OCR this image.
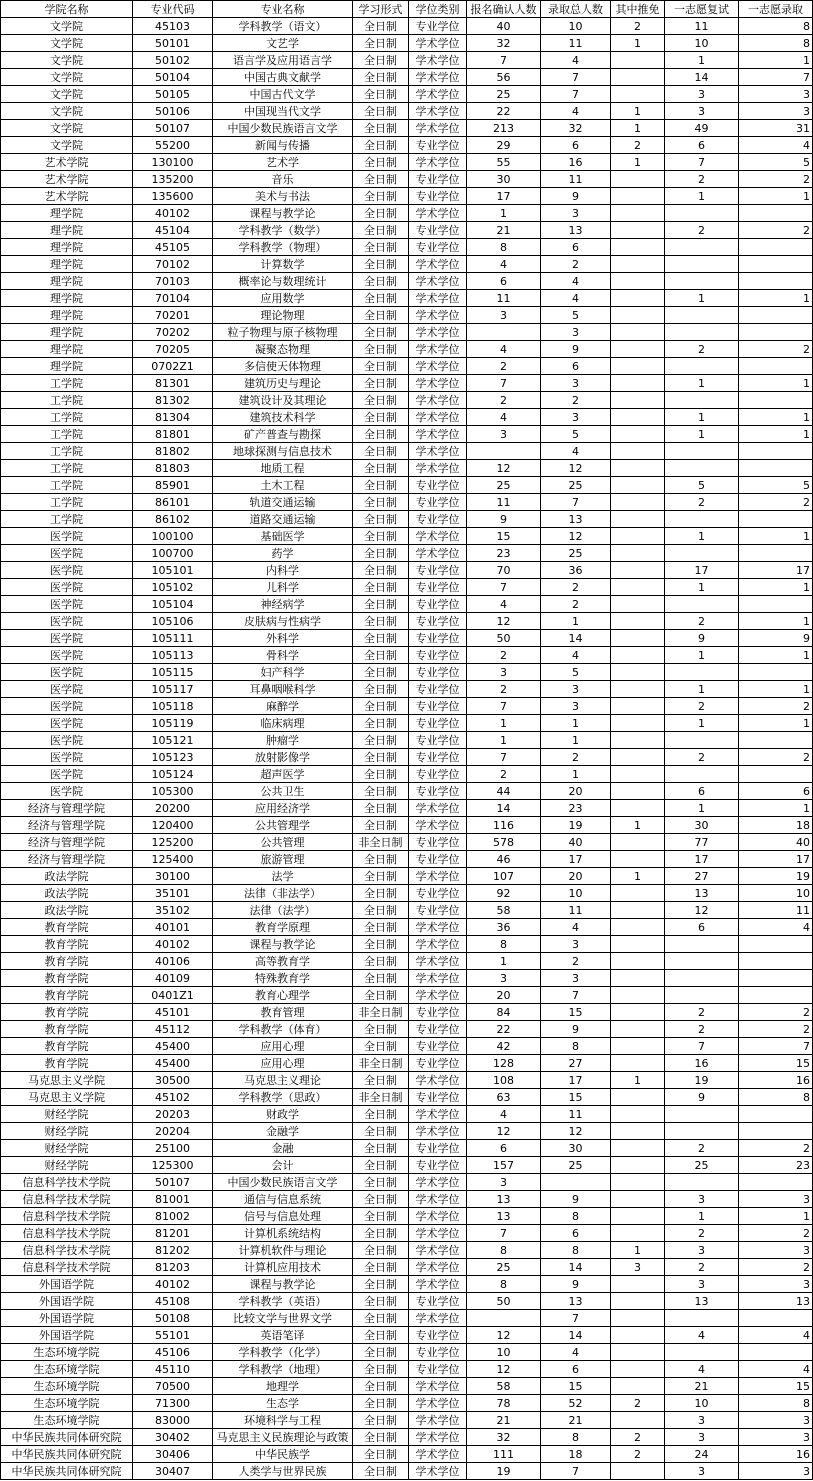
学院名称	专业代码	专业名称	学习形式	学位类别	报名确认人数	录取总人数	其中推免	一志愿复试	一志愿录取
文学院	45103	学科教学（语文）	全日制	专业学位	40	10	2	11	8
文学院	50101	文艺学	全日制	学术学位	32	11	1	10	8
文学院	50102	语言学及应用语言学	全日制	学术学位	7	4		1	1
文学院	50104	中国古典文献学	全日制	学术学位	56	7		14	7
文学院	50105	中国古代文学	全日制	学术学位	25	7		3	3
文学院	50106	中国现当代文学	全日制	学术学位	22	4	1	3	3
文学院	50107	中国少数民族语言文学	全日制	学术学位	213	32	1	49	31
文学院	55200	新闻与传播	全日制	专业学位	29	6	2	6	4
艺术学院	130100	艺术学	全日制	学术学位	55	16	1	7	5
艺术学院	135200	音乐	全日制	专业学位	30	11		2	2
艺术学院	135600	美术与书法	全日制	专业学位	17	9		1	1
理学院	40102	课程与教学论	全日制	学术学位	1	3			
理学院	45104	学科教学（数学）	全日制	专业学位	21	13		2	2
理学院	45105	学科教学（物理）	全日制	专业学位	8	6			
理学院	70102	计算数学	全日制	学术学位	4	2			
理学院	70103	概率论与数理统计	全日制	学术学位	6	4			
理学院	70104	应用数学	全日制	学术学位	11	4		1	1
理学院	70201	理论物理	全日制	学术学位	3	5			
理学院	70202	粒子物理与原子核物理	全日制	学术学位		3			
理学院	70205	凝聚态物理	全日制	学术学位	4	9		2	2
理学院	0702Z1	多信使天体物理	全日制	学术学位	2	6			
工学院	81301	建筑历史与理论	全日制	学术学位	7	3		1	1
工学院	81302	建筑设计及其理论	全日制	学术学位	2	2			
工学院	81304	建筑技术科学	全日制	学术学位	4	3		1	1
工学院	81801	矿产普查与勘探	全日制	学术学位	3	5		1	1
工学院	81802	地球探测与信息技术	全日制	学术学位		4			
工学院	81803	地质工程	全日制	学术学位	12	12			
工学院	85901	土木工程	全日制	专业学位	25	25		5	5
工学院	86101	轨道交通运输	全日制	专业学位	11	7		2	2
工学院	86102	道路交通运输	全日制	专业学位	9	13			
医学院	100100	基础医学	全日制	学术学位	15	12		1	1
医学院	100700	药学	全日制	学术学位	23	25			
医学院	105101	内科学	全日制	专业学位	70	36		17	17
医学院	105102	儿科学	全日制	专业学位	7	2		1	1
医学院	105104	神经病学	全日制	专业学位	4	2			
医学院	105106	皮肤病与性病学	全日制	专业学位	12	1		2	1
医学院	105111	外科学	全日制	专业学位	50	14		9	9
医学院	105113	骨科学	全日制	专业学位	2	4		1	1
医学院	105115	妇产科学	全日制	专业学位	3	5			
医学院	105117	耳鼻咽喉科学	全日制	专业学位	2	3		1	1
医学院	105118	麻醉学	全日制	专业学位	7	3		2	2
医学院	105119	临床病理	全日制	专业学位	1	1		1	1
医学院	105121	肿瘤学	全日制	专业学位	1	1			
医学院	105123	放射影像学	全日制	专业学位	7	2		2	2
医学院	105124	超声医学	全日制	专业学位	2	1			
医学院	105300	公共卫生	全日制	专业学位	44	20		6	6
经济与管理学院	20200	应用经济学	全日制	学术学位	14	23		1	1
经济与管理学院	120400	公共管理学	全日制	学术学位	116	19	1	30	18
经济与管理学院	125200	公共管理	非全日制	专业学位	578	40		77	40
经济与管理学院	125400	旅游管理	全日制	专业学位	46	17		17	17
政法学院	30100	法学	全日制	学术学位	107	20	1	27	19
政法学院	35101	法律（非法学）	全日制	专业学位	92	10		13	10
政法学院	35102	法律（法学）	全日制	专业学位	58	11		12	11
教育学院	40101	教育学原理	全日制	学术学位	36	4		6	4
教育学院	40102	课程与教学论	全日制	学术学位	8	3			
教育学院	40106	高等教育学	全日制	学术学位	1	2			
教育学院	40109	特殊教育学	全日制	学术学位	3	3			
教育学院	0401Z1	教育心理学	全日制	学术学位	20	7			
教育学院	45101	教育管理	非全日制	专业学位	84	15		2	2
教育学院	45112	学科教学（体育）	全日制	专业学位	22	9		2	2
教育学院	45400	应用心理	全日制	专业学位	42	8		7	7
教育学院	45400	应用心理	非全日制	专业学位	128	27		16	15
马克思主义学院	30500	马克思主义理论	全日制	学术学位	108	17	1	19	16
马克思主义学院	45102	学科教学（思政）	非全日制	专业学位	63	15		9	8
财经学院	20203	财政学	全日制	学术学位	4	11			
财经学院	20204	金融学	全日制	学术学位	12	12			
财经学院	25100	金融	全日制	专业学位	6	30		2	2
财经学院	125300	会计	全日制	专业学位	157	25		25	23
信息科学技术学院	50107	中国少数民族语言文学	全日制	学术学位	3				
信息科学技术学院	81001	通信与信息系统	全日制	学术学位	13	9		3	3
信息科学技术学院	81002	信号与信息处理	全日制	学术学位	13	8		1	1
信息科学技术学院	81201	计算机系统结构	全日制	学术学位	7	6		2	2
信息科学技术学院	81202	计算机软件与理论	全日制	学术学位	8	8	1	3	3
信息科学技术学院	81203	计算机应用技术	全日制	学术学位	25	14	3	2	2
外国语学院	40102	课程与教学论	全日制	学术学位	8	9		3	3
外国语学院	45108	学科教学（英语）	全日制	专业学位	50	13		13	13
外国语学院	50108	比较文学与世界文学	全日制	学术学位		7			
外国语学院	55101	英语笔译	全日制	专业学位	12	14		4	4
生态环境学院	45106	学科教学（化学）	全日制	专业学位	10	4			
生态环境学院	45110	学科教学（地理）	全日制	专业学位	12	6		4	4
生态环境学院	70500	地理学	全日制	学术学位	58	15		21	15
生态环境学院	71300	生态学	全日制	学术学位	78	52	2	10	8
生态环境学院	83000	环境科学与工程	全日制	学术学位	21	21		3	3
中华民族共同体研究院	30402	马克思主义民族理论与政策	全日制	学术学位	32	8	2	3	3
中华民族共同体研究院	30406	中华民族学	全日制	学术学位	111	18	2	24	16
中华民族共同体研究院	30407	人类学与世界民族	全日制	学术学位	19	7		3	3
